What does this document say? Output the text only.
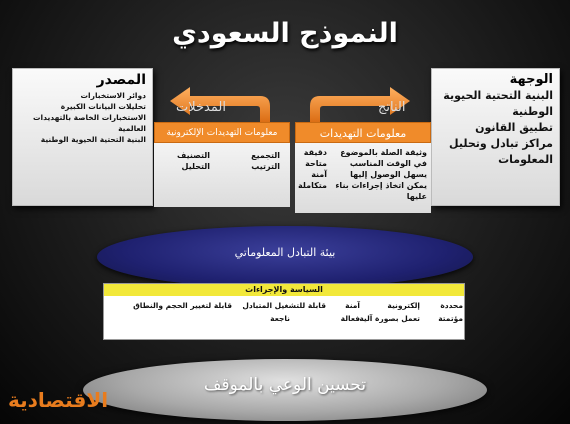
النموذج السعودي
المدخلات	الناتج
المصدر
دوائر الاستخبارات
تحليلات البيانات الكبيرة
الاستخبارات الخاصة بالتهديدات العالمية
البنية التحتية الحيوية الوطنية
الوجهة
البنية التحتية الحيوية الوطنية
تطبيق القانون
مراكز تبادل وتحليل المعلومات
معلومات التهديدات الإلكترونية
التجميع
الترتيب
التصنيف
التحليل
معلومات التهديدات
وثيقة الصلة بالموضوع
في الوقت المناسب
يسهل الوصول إليها
يمكن اتخاذ إجراءات بناء عليها
دقيقة
متاحة
آمنة
متكاملة
بيئة التبادل المعلوماتي
السياسة والإجراءات
محددة
مؤتمتة
إلكترونية
تعمل بصورة آلية
آمنة
فعالة
قابلة للتشغيل المتبادل
ناجعة
قابلة لتغيير الحجم والنطاق
تحسين الوعي بالموقف
الاقتصادية
